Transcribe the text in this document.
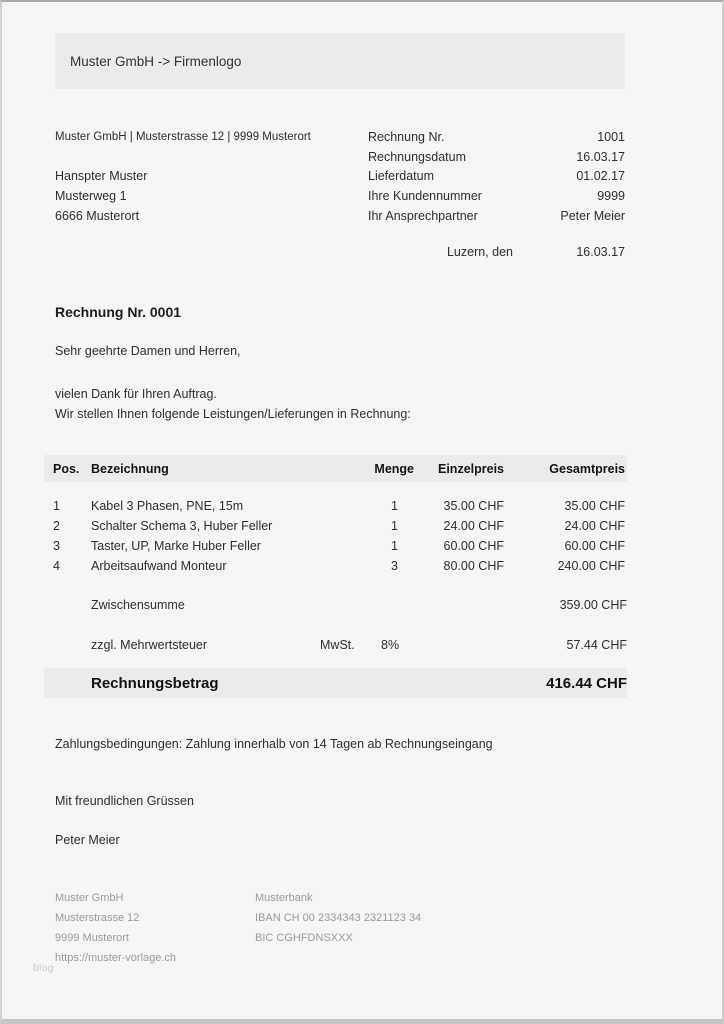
Muster GmbH -> Firmenlogo
Muster GmbH | Musterstrasse 12 | 9999 Musterort
Hanspter Muster
Musterweg 1
6666 Musterort
Rechnung Nr.	1001
Rechnungsdatum	16.03.17
Lieferdatum	01.02.17
Ihre Kundennummer	9999
Ihr Ansprechpartner	Peter Meier
Luzern, den	16.03.17
Rechnung Nr. 0001
Sehr geehrte Damen und Herren,
vielen Dank für Ihren Auftrag.
Wir stellen Ihnen folgende Leistungen/Lieferungen in Rechnung:
Pos. Bezeichnung	Menge	Einzelpreis	Gesamtpreis
1	Kabel 3 Phasen, PNE, 15m	1	35.00 CHF	35.00 CHF
2	Schalter Schema 3, Huber Feller	1	24.00 CHF	24.00 CHF
3	Taster, UP, Marke Huber Feller	1	60.00 CHF	60.00 CHF
4	Arbeitsaufwand Monteur	3	80.00 CHF	240.00 CHF
Zwischensumme	359.00 CHF
zzgl. Mehrwertsteuer	MwSt.	8%	57.44 CHF
Rechnungsbetrag	416.44 CHF
Zahlungsbedingungen: Zahlung innerhalb von 14 Tagen ab Rechnungseingang
Mit freundlichen Grüssen
Peter Meier
Muster GmbH
Musterstrasse 12
9999 Musterort
https://muster-vorlage.ch
Musterbank
IBAN CH 00 2334343 2321123 34
BIC CGHFDNSXXX
blog
